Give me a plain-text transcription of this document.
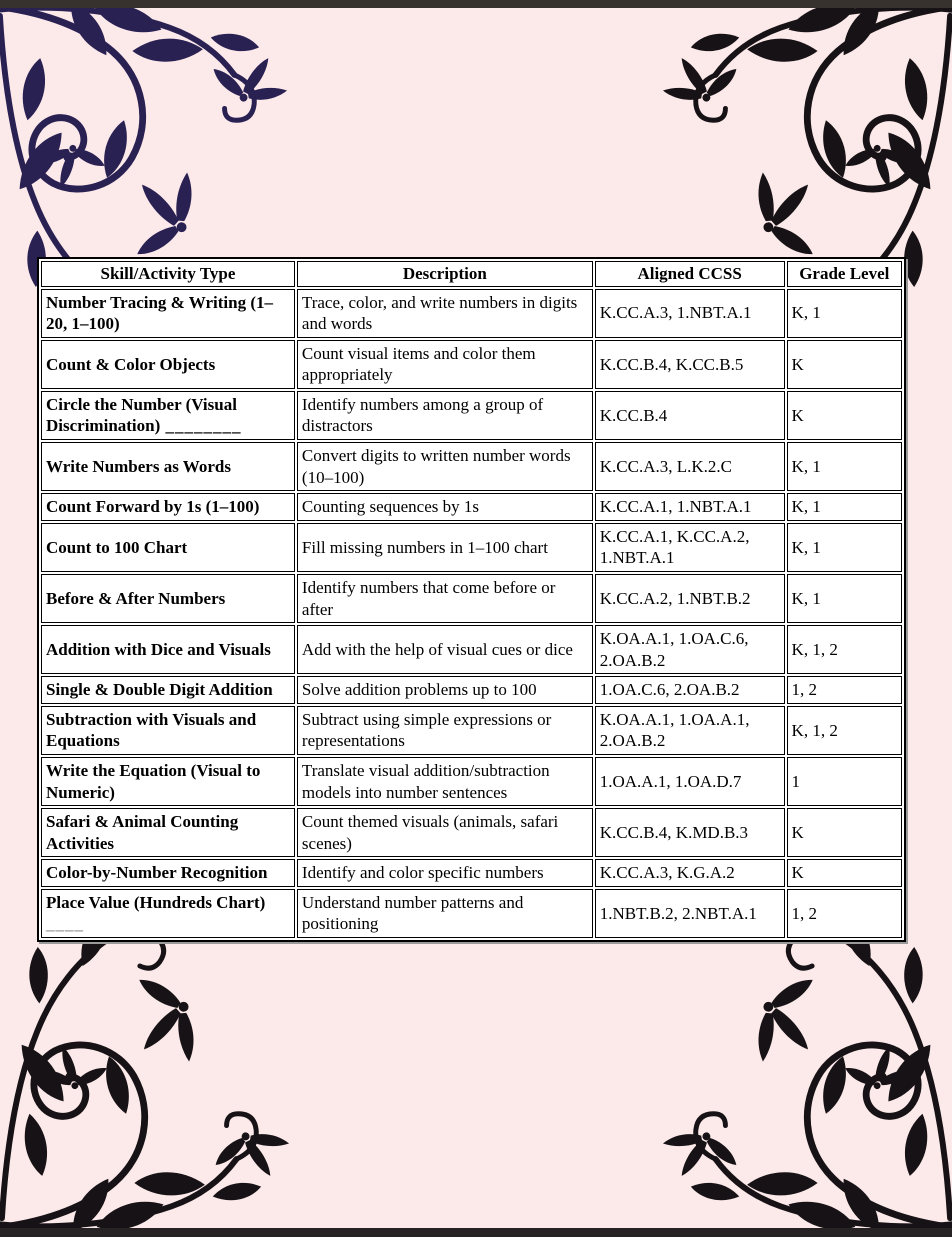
Skill/Activity Type	Description	Aligned CCSS	Grade Level
Number Tracing & Writing (1–20, 1–100)	Trace, color, and write numbers in digits and words	K.CC.A.3, 1.NBT.A.1	K, 1
Count & Color Objects	Count visual items and color them appropriately	K.CC.B.4, K.CC.B.5	K
Circle the Number (Visual Discrimination) ________	Identify numbers among a group of distractors	K.CC.B.4	K
Write Numbers as Words	Convert digits to written number words (10–100)	K.CC.A.3, L.K.2.C	K, 1
Count Forward by 1s (1–100)	Counting sequences by 1s	K.CC.A.1, 1.NBT.A.1	K, 1
Count to 100 Chart	Fill missing numbers in 1–100 chart	K.CC.A.1, K.CC.A.2, 1.NBT.A.1	K, 1
Before & After Numbers	Identify numbers that come before or after	K.CC.A.2, 1.NBT.B.2	K, 1
Addition with Dice and Visuals	Add with the help of visual cues or dice	K.OA.A.1, 1.OA.C.6, 2.OA.B.2	K, 1, 2
Single & Double Digit Addition	Solve addition problems up to 100	1.OA.C.6, 2.OA.B.2	1, 2
Subtraction with Visuals and Equations	Subtract using simple expressions or representations	K.OA.A.1, 1.OA.A.1, 2.OA.B.2	K, 1, 2
Write the Equation (Visual to Numeric)	Translate visual addition/subtraction models into number sentences	1.OA.A.1, 1.OA.D.7	1
Safari & Animal Counting Activities	Count themed visuals (animals, safari scenes)	K.CC.B.4, K.MD.B.3	K
Color-by-Number Recognition	Identify and color specific numbers	K.CC.A.3, K.G.A.2	K
Place Value (Hundreds Chart) ____	Understand number patterns and positioning	1.NBT.B.2, 2.NBT.A.1	1, 2
